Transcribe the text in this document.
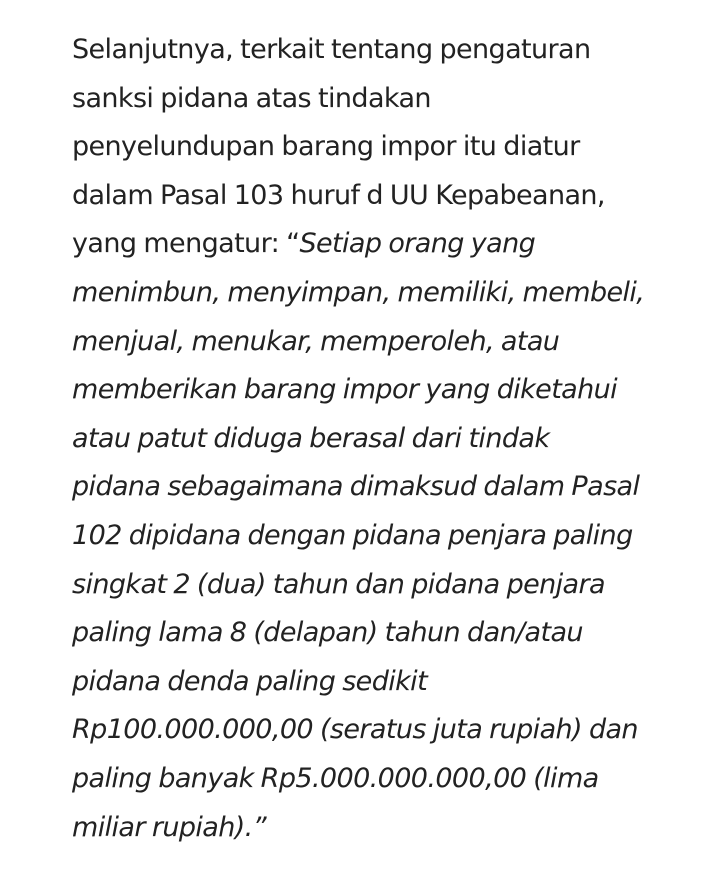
Selanjutnya, terkait tentang pengaturan
sanksi pidana atas tindakan
penyelundupan barang impor itu diatur
dalam Pasal 103 huruf d UU Kepabeanan,
yang mengatur: “Setiap orang yang
menimbun, menyimpan, memiliki, membeli,
menjual, menukar, memperoleh, atau
memberikan barang impor yang diketahui
atau patut diduga berasal dari tindak
pidana sebagaimana dimaksud dalam Pasal
102 dipidana dengan pidana penjara paling
singkat 2 (dua) tahun dan pidana penjara
paling lama 8 (delapan) tahun dan/atau
pidana denda paling sedikit
Rp100.000.000,00 (seratus juta rupiah) dan
paling banyak Rp5.000.000.000,00 (lima
miliar rupiah).”
